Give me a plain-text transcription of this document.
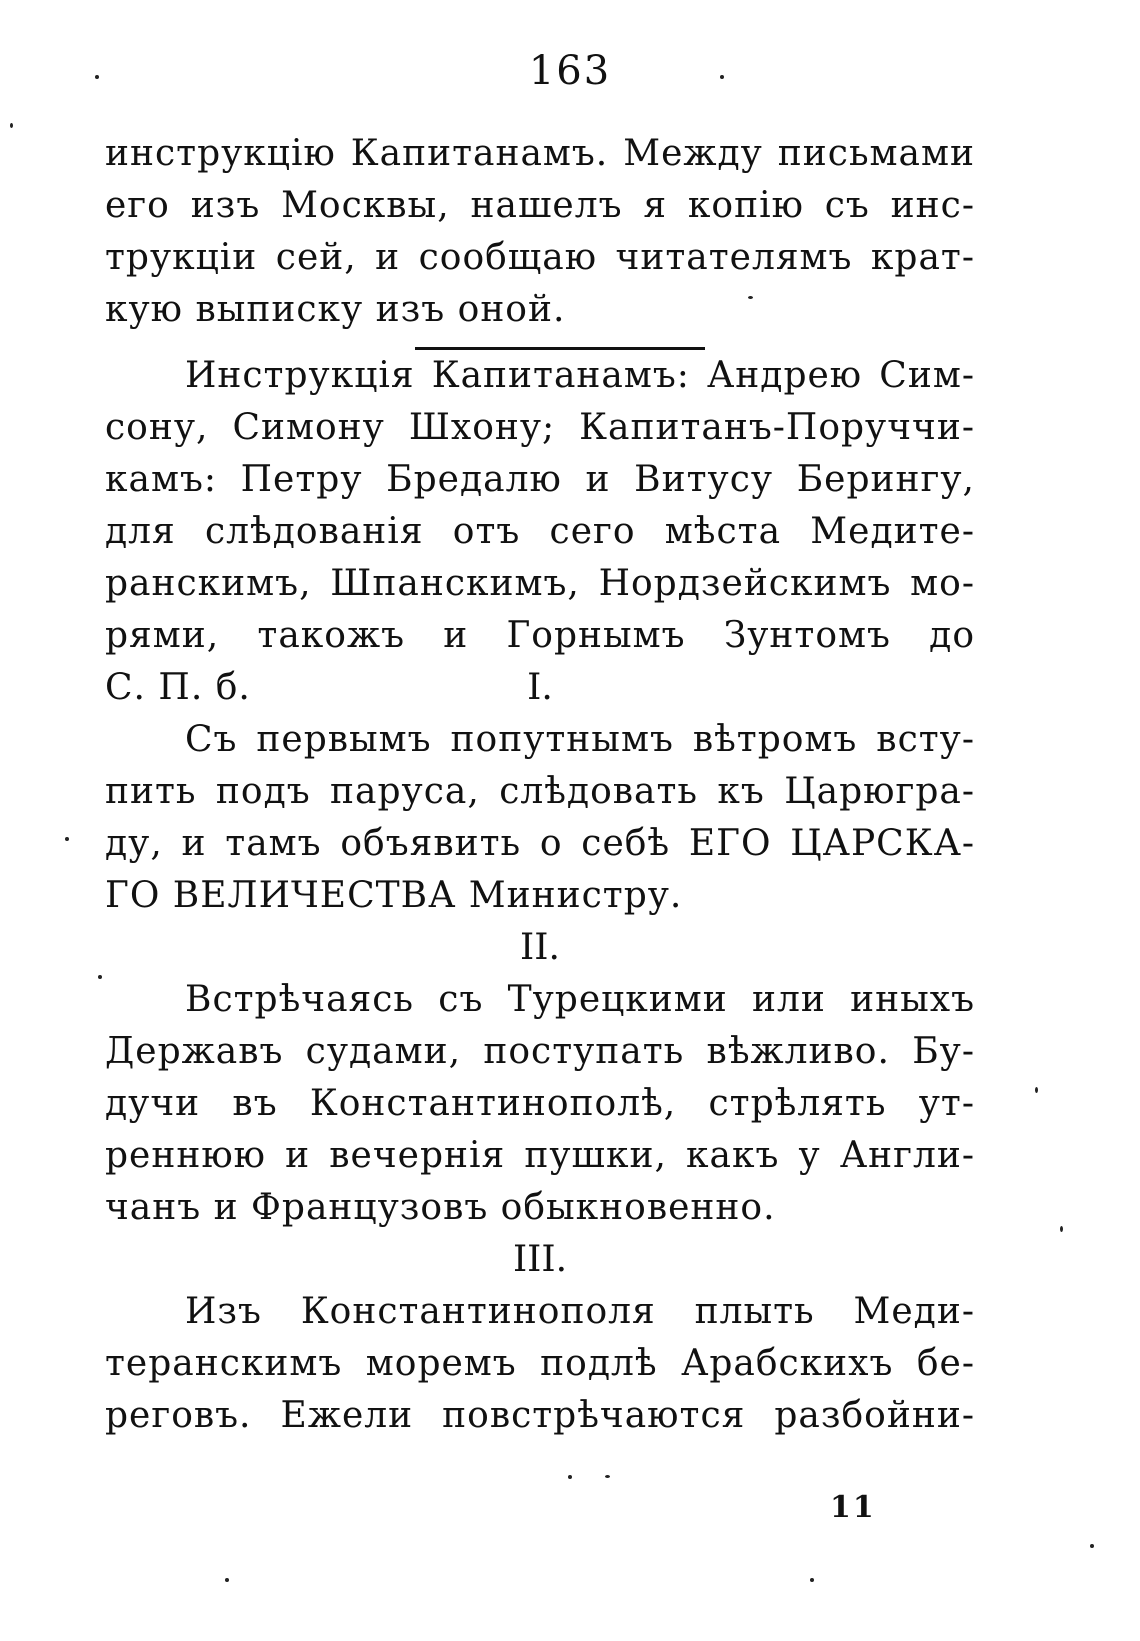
163
инструкцію Капитанамъ. Между письмами
его изъ Москвы, нашелъ я копію съ инс-
трукціи сей, и сообщаю читателямъ крат-
кую выписку изъ оной.
Инструкція Капитанамъ: Андрею Сим-
сону, Симону Шхону; Капитанъ-Поруччи-
камъ: Петру Бредалю и Витусу Берингу,
для слѣдованія отъ сего мѣста Медите-
ранскимъ, Шпанскимъ, Нордзейскимъ мо-
рями, такожъ и Горнымъ Зунтомъ до
С. П. б.	I.
Съ первымъ попутнымъ вѣтромъ всту-
пить подъ паруса, слѣдовать къ Царюгра-
ду, и тамъ объявить о себѣ ЕГО ЦАРСКА-
ГО ВЕЛИЧЕСТВА Министру.
II.
Встрѣчаясь съ Турецкими или иныхъ
Державъ судами, поступать вѣжливо. Бу-
дучи въ Константинополѣ, стрѣлять ут-
реннюю и вечернія пушки, какъ у Англи-
чанъ и Французовъ обыкновенно.
III.
Изъ Константинополя плыть Меди-
теранскимъ моремъ подлѣ Арабскихъ бе-
реговъ. Ежели повстрѣчаются разбойни-
11
